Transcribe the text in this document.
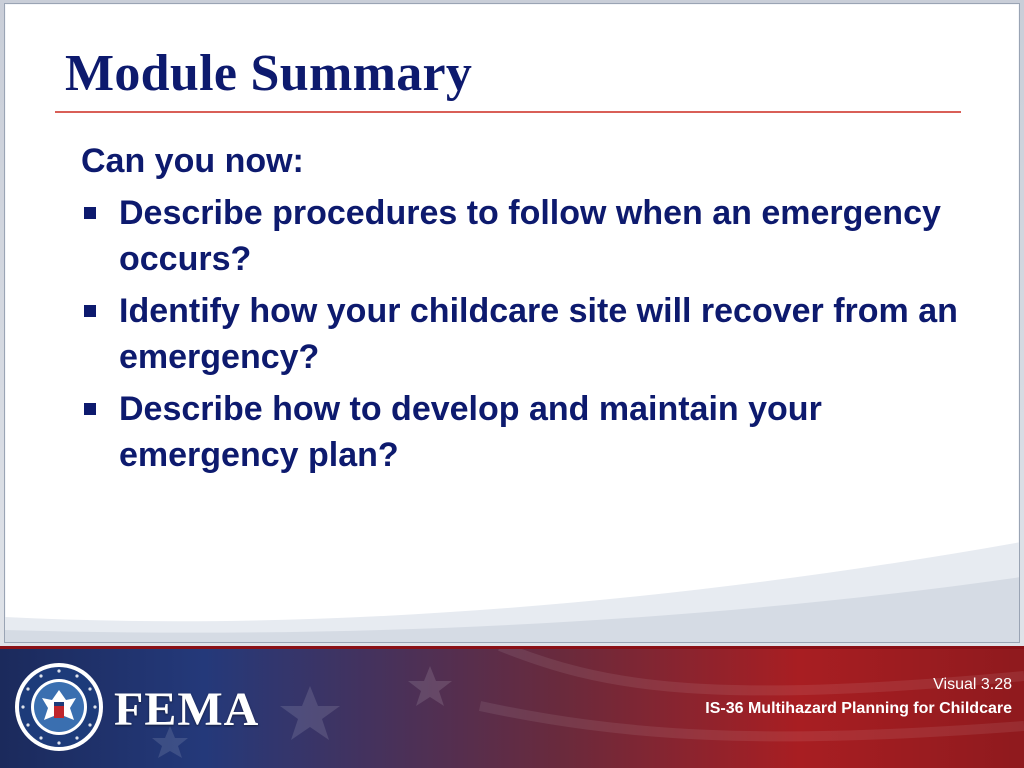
Module Summary
Can you now:
Describe procedures to follow when an emergency occurs?
Identify how your childcare site will recover from an emergency?
Describe how to develop and maintain your emergency plan?
FEMA	Visual 3.28
IS-36 Multihazard Planning for Childcare
